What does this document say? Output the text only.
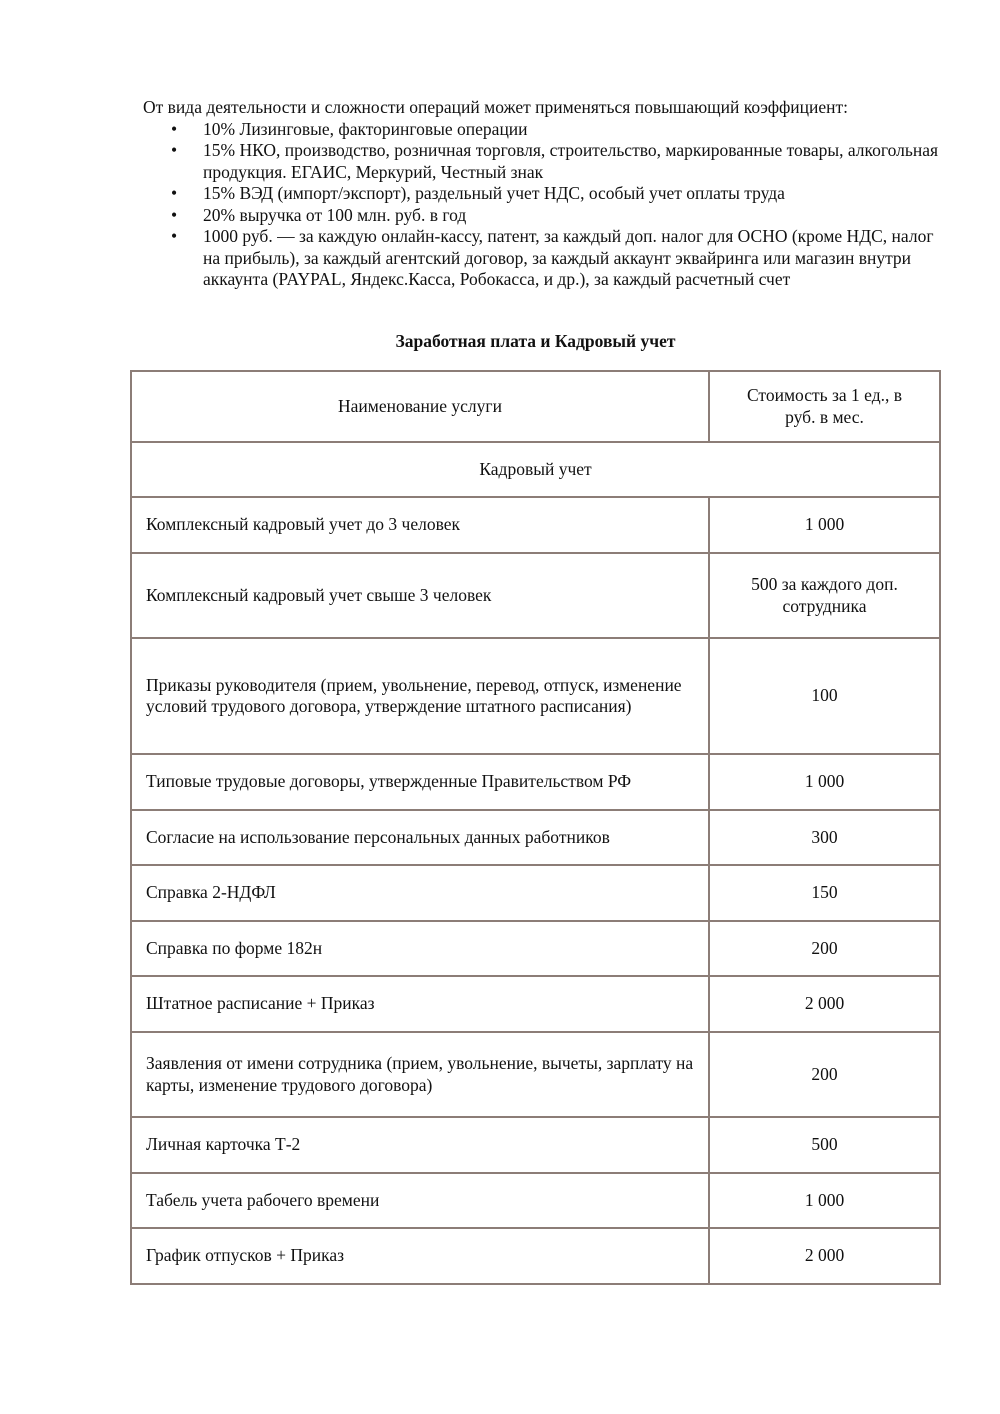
От вида деятельности и сложности операций может применяться повышающий коэффициент:

• 10% Лизинговые, факторинговые операции
• 15% НКО, производство, розничная торговля, строительство, маркированные товары, алкогольная продукция. ЕГАИС, Меркурий, Честный знак
• 15% ВЭД (импорт/экспорт), раздельный учет НДС, особый учет оплаты труда
• 20% выручка от 100 млн. руб. в год
• 1000 руб. — за каждую онлайн-кассу, патент, за каждый доп. налог для ОСНО (кроме НДС, налог на прибыль), за каждый агентский договор, за каждый аккаунт эквайринга или магазин внутри аккаунта (PAYPAL, Яндекс.Касса, Робокасса, и др.), за каждый расчетный счет
Заработная плата и Кадровый учет
Наименование услуги	Стоимость за 1 ед., в руб. в мес.
Кадровый учет	
Комплексный кадровый учет до 3 человек	1 000
Комплексный кадровый учет свыше 3 человек	500 за каждого доп. сотрудника
Приказы руководителя (прием, увольнение, перевод, отпуск, изменение условий трудового договора, утверждение штатного расписания)	100
Типовые трудовые договоры, утвержденные Правительством РФ	1 000
Согласие на использование персональных данных работников	300
Справка 2-НДФЛ	150
Справка по форме 182н	200
Штатное расписание + Приказ	2 000
Заявления от имени сотрудника (прием, увольнение, вычеты, зарплату на карты, изменение трудового договора)	200
Личная карточка Т-2	500
Табель учета рабочего времени	1 000
График отпусков + Приказ	2 000
